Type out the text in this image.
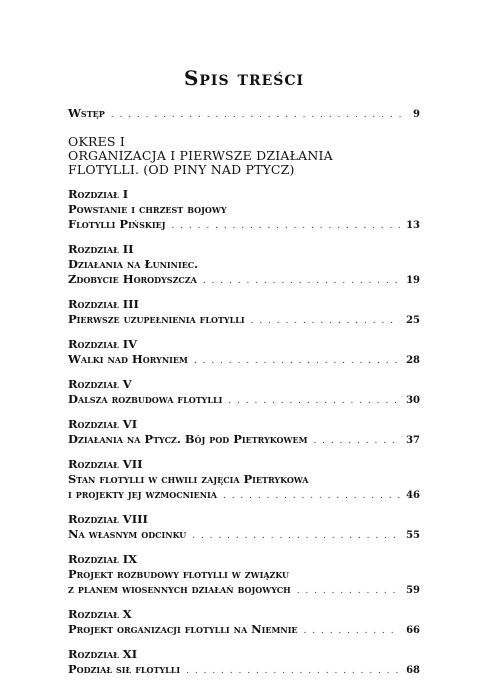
Spis treści
Wstęp . . .	9
OKRES I
ORGANIZACJA I PIERWSZE DZIAŁANIA
FLOTYLLI. (OD PINY NAD PTYCZ)
Rozdział I
Powstanie i chrzest bojowy
Flotylli Pińskiej . . .	13
Rozdział II
Działania na Łuniniec.
Zdobycie Horodyszcza . . .	19
Rozdział III
Pierwsze uzupełnienia flotylli . . .	25
Rozdział IV
Walki nad Horyniem . . .	28
Rozdział V
Dalsza rozbudowa flotylli . . .	30
Rozdział VI
Działania na Ptycz. Bój pod Pietrykowem . . .	37
Rozdział VII
Stan flotylli w chwili zajęcia Pietrykowa
i projekty jej wzmocnienia . . .	46
Rozdział VIII
Na własnym odcinku . . .	55
Rozdział IX
Projekt rozbudowy flotylli w związku
z planem wiosennych działań bojowych . . .	59
Rozdział X
Projekt organizacji flotylli na Niemnie . . .	66
Rozdział XI
Podział sił flotylli . . .	68
